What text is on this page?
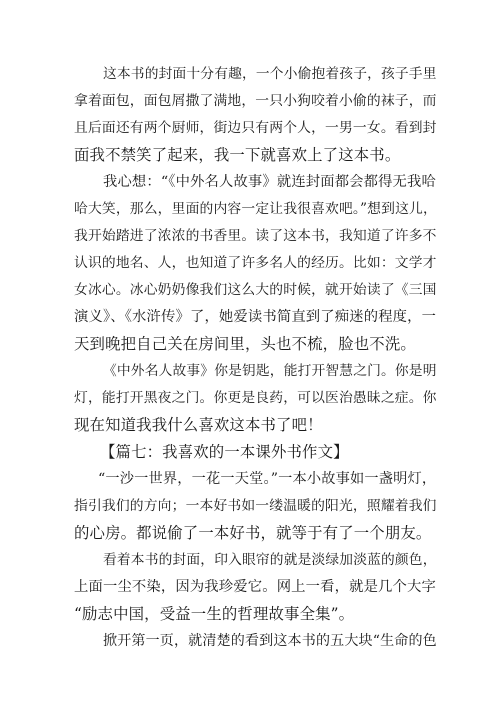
这本书的封面十分有趣，一个小偷抱着孩子，孩子手里
拿着面包，面包屑撒了满地，一只小狗咬着小偷的袜子，而
且后面还有两个厨师，街边只有两个人，一男一女。看到封
面我不禁笑了起来，我一下就喜欢上了这本书。
我心想：“《中外名人故事》就连封面都会都得无我哈
哈大笑，那么，里面的内容一定让我很喜欢吧。”想到这儿，
我开始踏进了浓浓的书香里。读了这本书，我知道了许多不
认识的地名、人，也知道了许多名人的经历。比如：文学才
女冰心。冰心奶奶像我们这么大的时候，就开始读了《三国
演义》、《水浒传》了，她爱读书简直到了痴迷的程度，一
天到晚把自己关在房间里，头也不梳，脸也不洗。
《中外名人故事》你是钥匙，能打开智慧之门。你是明
灯，能打开黑夜之门。你更是良药，可以医治愚昧之症。你
现在知道我我什么喜欢这本书了吧！
【篇七：我喜欢的一本课外书作文】
“一沙一世界，一花一天堂。”一本小故事如一盏明灯，
指引我们的方向；一本好书如一缕温暖的阳光，照耀着我们
的心房。都说偷了一本好书，就等于有了一个朋友。
看着本书的封面，印入眼帘的就是淡绿加淡蓝的颜色，
上面一尘不染，因为我珍爱它。网上一看，就是几个大字
“励志中国，受益一生的哲理故事全集”。
掀开第一页，就清楚的看到这本书的五大块“生命的色
